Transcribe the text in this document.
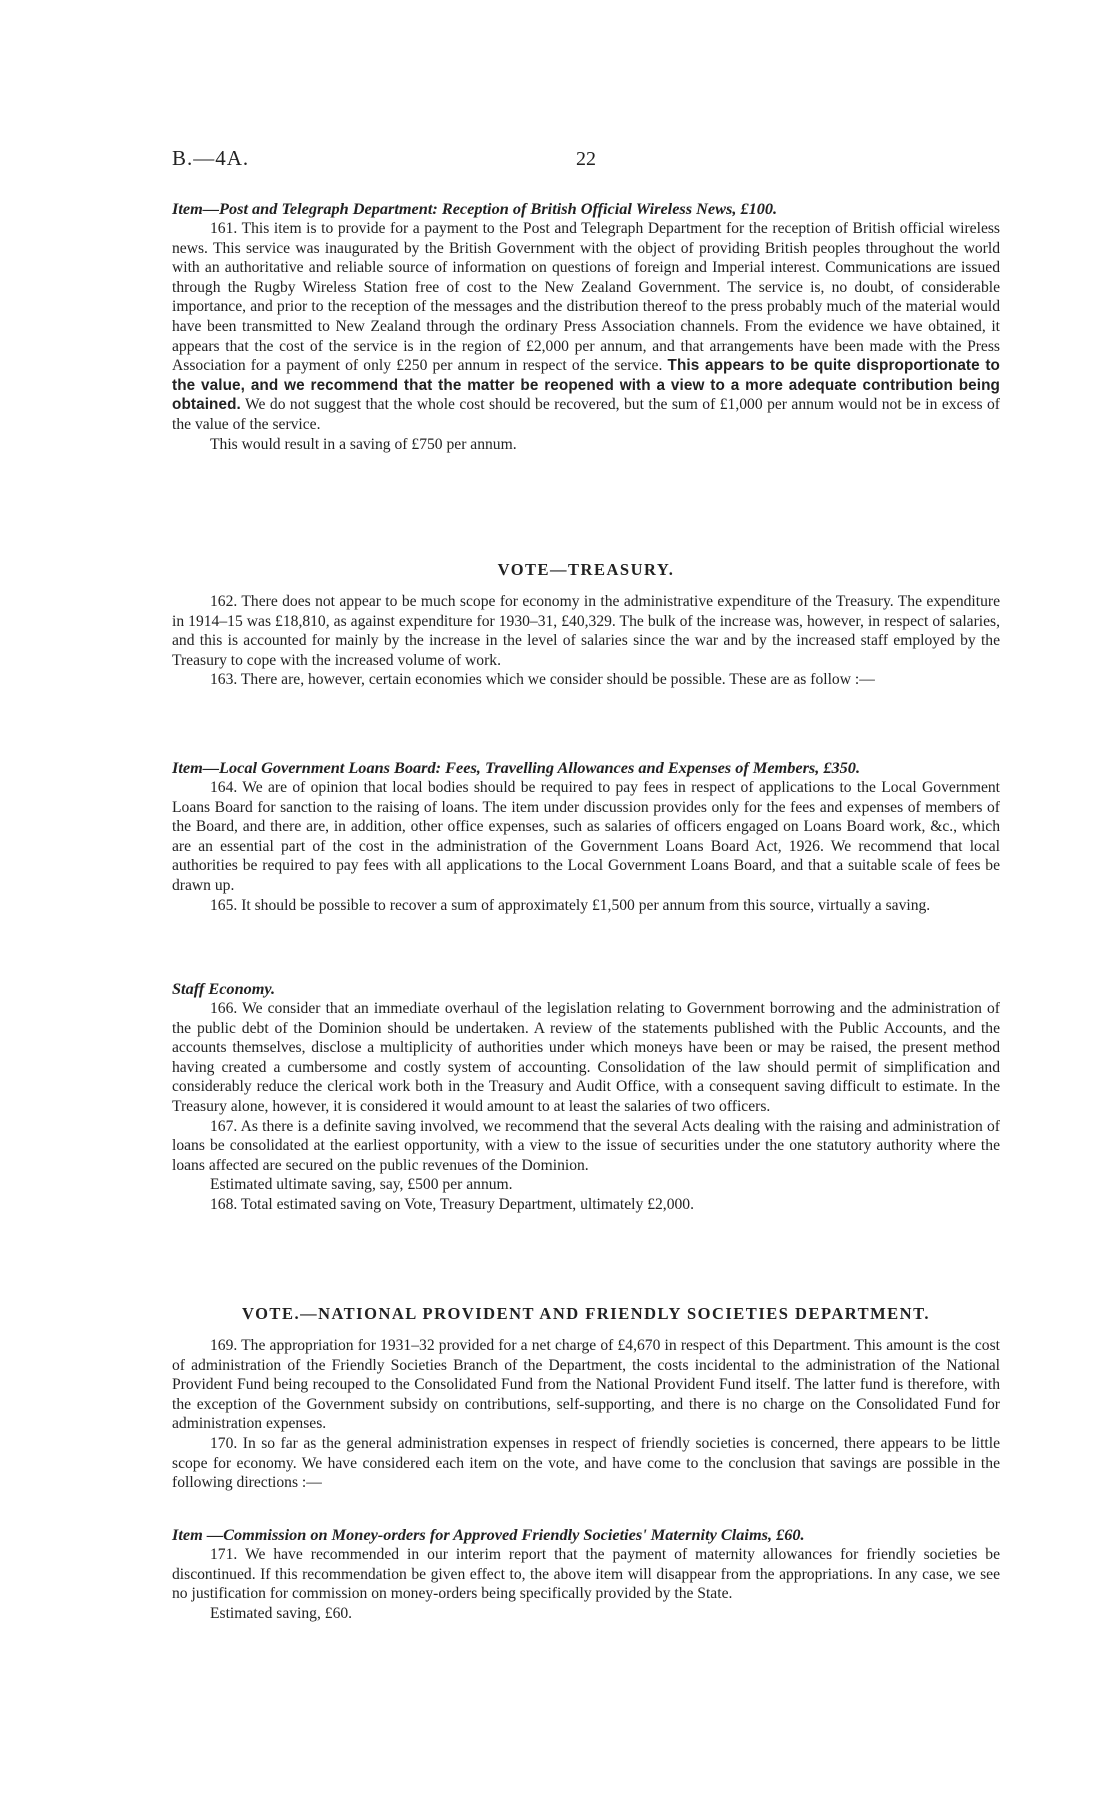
B.—4A.	22
Item—Post and Telegraph Department: Reception of British Official Wireless News, £100.

161. This item is to provide for a payment to the Post and Telegraph Department for the reception of British official wireless news. This service was inaugurated by the British Government with the object of providing British peoples throughout the world with an authoritative and reliable source of information on questions of foreign and Imperial interest. Communications are issued through the Rugby Wireless Station free of cost to the New Zealand Government. The service is, no doubt, of considerable importance, and prior to the reception of the messages and the distribution thereof to the press probably much of the material would have been transmitted to New Zealand through the ordinary Press Association channels. From the evidence we have obtained, it appears that the cost of the service is in the region of £2,000 per annum, and that arrangements have been made with the Press Association for a payment of only £250 per annum in respect of the service. This appears to be quite disproportionate to the value, and we recommend that the matter be reopened with a view to a more adequate contribution being obtained. We do not suggest that the whole cost should be recovered, but the sum of £1,000 per annum would not be in excess of the value of the service.

This would result in a saving of £750 per annum.

VOTE—TREASURY.

162. There does not appear to be much scope for economy in the administrative expenditure of the Treasury. The expenditure in 1914–15 was £18,810, as against expenditure for 1930–31, £40,329. The bulk of the increase was, however, in respect of salaries, and this is accounted for mainly by the increase in the level of salaries since the war and by the increased staff employed by the Treasury to cope with the increased volume of work.

163. There are, however, certain economies which we consider should be possible. These are as follow :—

Item—Local Government Loans Board: Fees, Travelling Allowances and Expenses of Members, £350.

164. We are of opinion that local bodies should be required to pay fees in respect of applications to the Local Government Loans Board for sanction to the raising of loans. The item under discussion provides only for the fees and expenses of members of the Board, and there are, in addition, other office expenses, such as salaries of officers engaged on Loans Board work, &c., which are an essential part of the cost in the administration of the Government Loans Board Act, 1926. We recommend that local authorities be required to pay fees with all applications to the Local Government Loans Board, and that a suitable scale of fees be drawn up.

165. It should be possible to recover a sum of approximately £1,500 per annum from this source, virtually a saving.

Staff Economy.

166. We consider that an immediate overhaul of the legislation relating to Government borrowing and the administration of the public debt of the Dominion should be undertaken. A review of the statements published with the Public Accounts, and the accounts themselves, disclose a multiplicity of authorities under which moneys have been or may be raised, the present method having created a cumbersome and costly system of accounting. Consolidation of the law should permit of simplification and considerably reduce the clerical work both in the Treasury and Audit Office, with a consequent saving difficult to estimate. In the Treasury alone, however, it is considered it would amount to at least the salaries of two officers.

167. As there is a definite saving involved, we recommend that the several Acts dealing with the raising and administration of loans be consolidated at the earliest opportunity, with a view to the issue of securities under the one statutory authority where the loans affected are secured on the public revenues of the Dominion.

Estimated ultimate saving, say, £500 per annum.

168. Total estimated saving on Vote, Treasury Department, ultimately £2,000.

VOTE.—NATIONAL PROVIDENT AND FRIENDLY SOCIETIES DEPARTMENT.

169. The appropriation for 1931–32 provided for a net charge of £4,670 in respect of this Department. This amount is the cost of administration of the Friendly Societies Branch of the Department, the costs incidental to the administration of the National Provident Fund being recouped to the Consolidated Fund from the National Provident Fund itself. The latter fund is therefore, with the exception of the Government subsidy on contributions, self-supporting, and there is no charge on the Consolidated Fund for administration expenses.

170. In so far as the general administration expenses in respect of friendly societies is concerned, there appears to be little scope for economy. We have considered each item on the vote, and have come to the conclusion that savings are possible in the following directions :—

Item —Commission on Money-orders for Approved Friendly Societies' Maternity Claims, £60.

171. We have recommended in our interim report that the payment of maternity allowances for friendly societies be discontinued. If this recommendation be given effect to, the above item will disappear from the appropriations. In any case, we see no justification for commission on money-orders being specifically provided by the State.

Estimated saving, £60.
